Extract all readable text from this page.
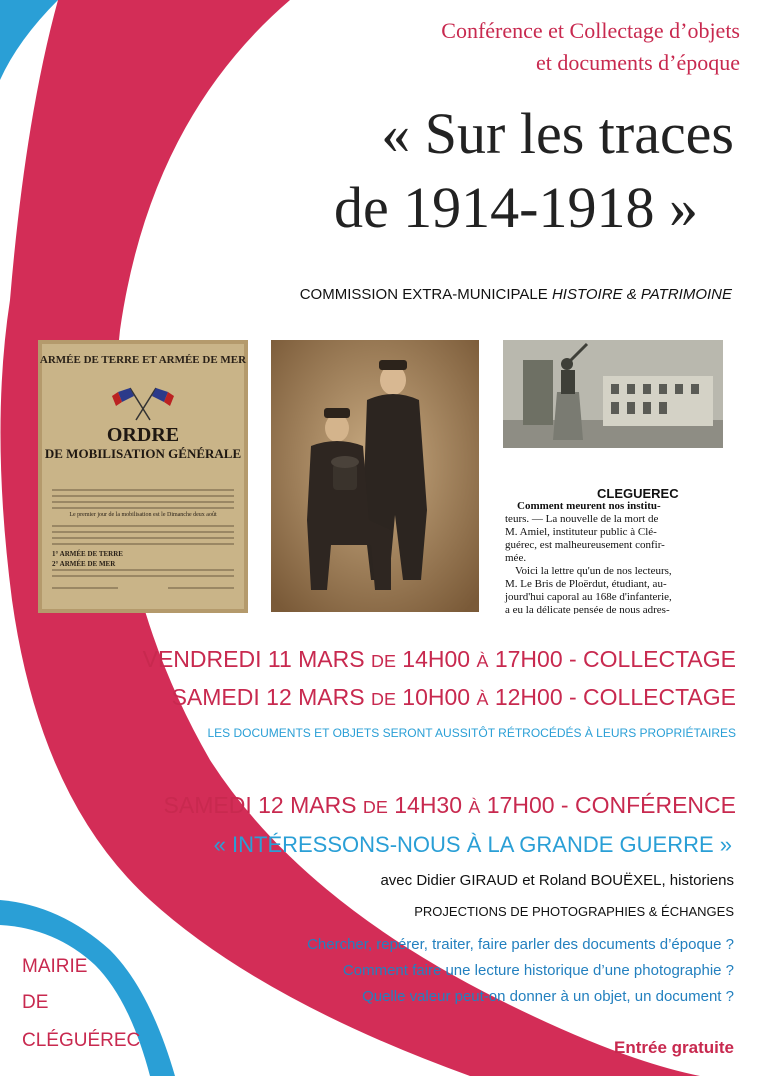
Conférence et Collectage d’objets
et documents d’époque
« Sur les traces
de 1914-1918 »
COMMISSION EXTRA-MUNICIPALE HISTOIRE & PATRIMOINE
ARMÉE DE TERRE ET ARMÉE DE MER
ORDRE
DE MOBILISATION GÉNÉRALE
Le premier jour de la mobilisation est le Dimanche deux août
1° ARMÉE DE TERRE
2° ARMÉE DE MER
CLEGUEREC
Comment meurent nos institu-
teurs. — La nouvelle de la mort de
M. Amiel, instituteur public à Clé-
guérec, est malheureusement confir-
mée.
Voici la lettre qu'un de nos lecteurs,
M. Le Bris de Ploërdut, étudiant, au-
jourd'hui caporal au 168e d'infanterie,
a eu la délicate pensée de nous adres-
VENDREDI 11 MARS DE 14H00 À 17H00 - COLLECTAGE
SAMEDI 12 MARS DE 10H00 À 12H00 - COLLECTAGE
LES DOCUMENTS ET OBJETS SERONT AUSSITÔT RÉTROCÉDÉS À LEURS PROPRIÉTAIRES
SAMEDI 12 MARS DE 14H30 À 17H00 - CONFÉRENCE
« INTÉRESSONS-NOUS À LA GRANDE GUERRE »
avec Didier GIRAUD et Roland BOUËXEL, historiens
PROJECTIONS DE PHOTOGRAPHIES & ÉCHANGES
Chercher, repérer, traiter, faire parler des documents d’époque ?
Comment faire une lecture historique d’une photographie ?
Quelle valeur peut-on donner à un objet, un document ?
MAIRIE
DE
CLÉGUÉREC	Entrée gratuite
